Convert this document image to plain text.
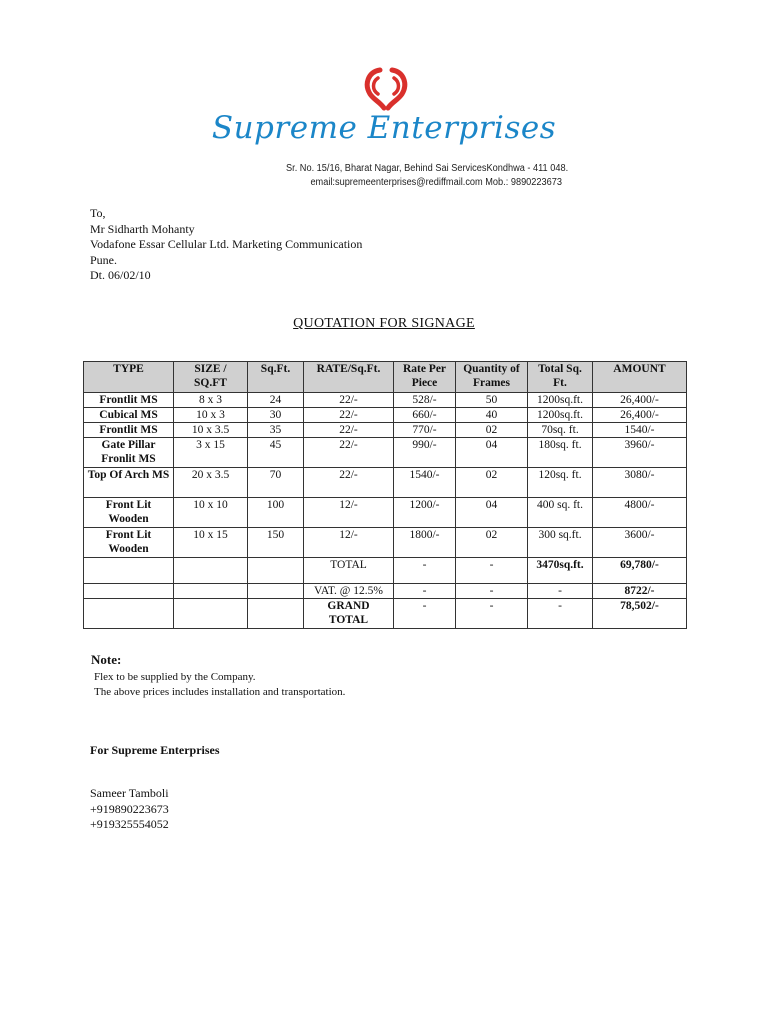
Supreme Enterprises
Sr. No. 15/16, Bharat Nagar, Behind Sai ServicesKondhwa - 411 048.
email:supremeenterprises@rediffmail.com Mob.: 9890223673
To,
Mr Sidharth Mohanty
Vodafone Essar Cellular Ltd. Marketing Communication
Pune.
Dt. 06/02/10
QUOTATION FOR SIGNAGE
TYPE	SIZE / SQ.FT	Sq.Ft.	RATE/Sq.Ft.	Rate Per Piece	Quantity of Frames	Total Sq. Ft.	AMOUNT
Frontlit MS	8 x 3	24	22/-	528/-	50	1200sq.ft.	26,400/-
Cubical MS	10 x 3	30	22/-	660/-	40	1200sq.ft.	26,400/-
Frontlit MS	10 x 3.5	35	22/-	770/-	02	70sq. ft.	1540/-
Gate Pillar Fronlit MS	3 x 15	45	22/-	990/-	04	180sq. ft.	3960/-
Top Of Arch MS	20 x 3.5	70	22/-	1540/-	02	120sq. ft.	3080/-
Front Lit Wooden	10 x 10	100	12/-	1200/-	04	400 sq. ft.	4800/-
Front Lit Wooden	10 x 15	150	12/-	1800/-	02	300 sq.ft.	3600/-
			TOTAL	-	-	3470sq.ft.	69,780/-
			VAT. @ 12.5%	-	-	-	8722/-
			GRAND TOTAL	-	-	-	78,502/-
Note:
Flex to be supplied by the Company.
The above prices includes installation and transportation.
For Supreme Enterprises
Sameer Tamboli
+919890223673
+919325554052
